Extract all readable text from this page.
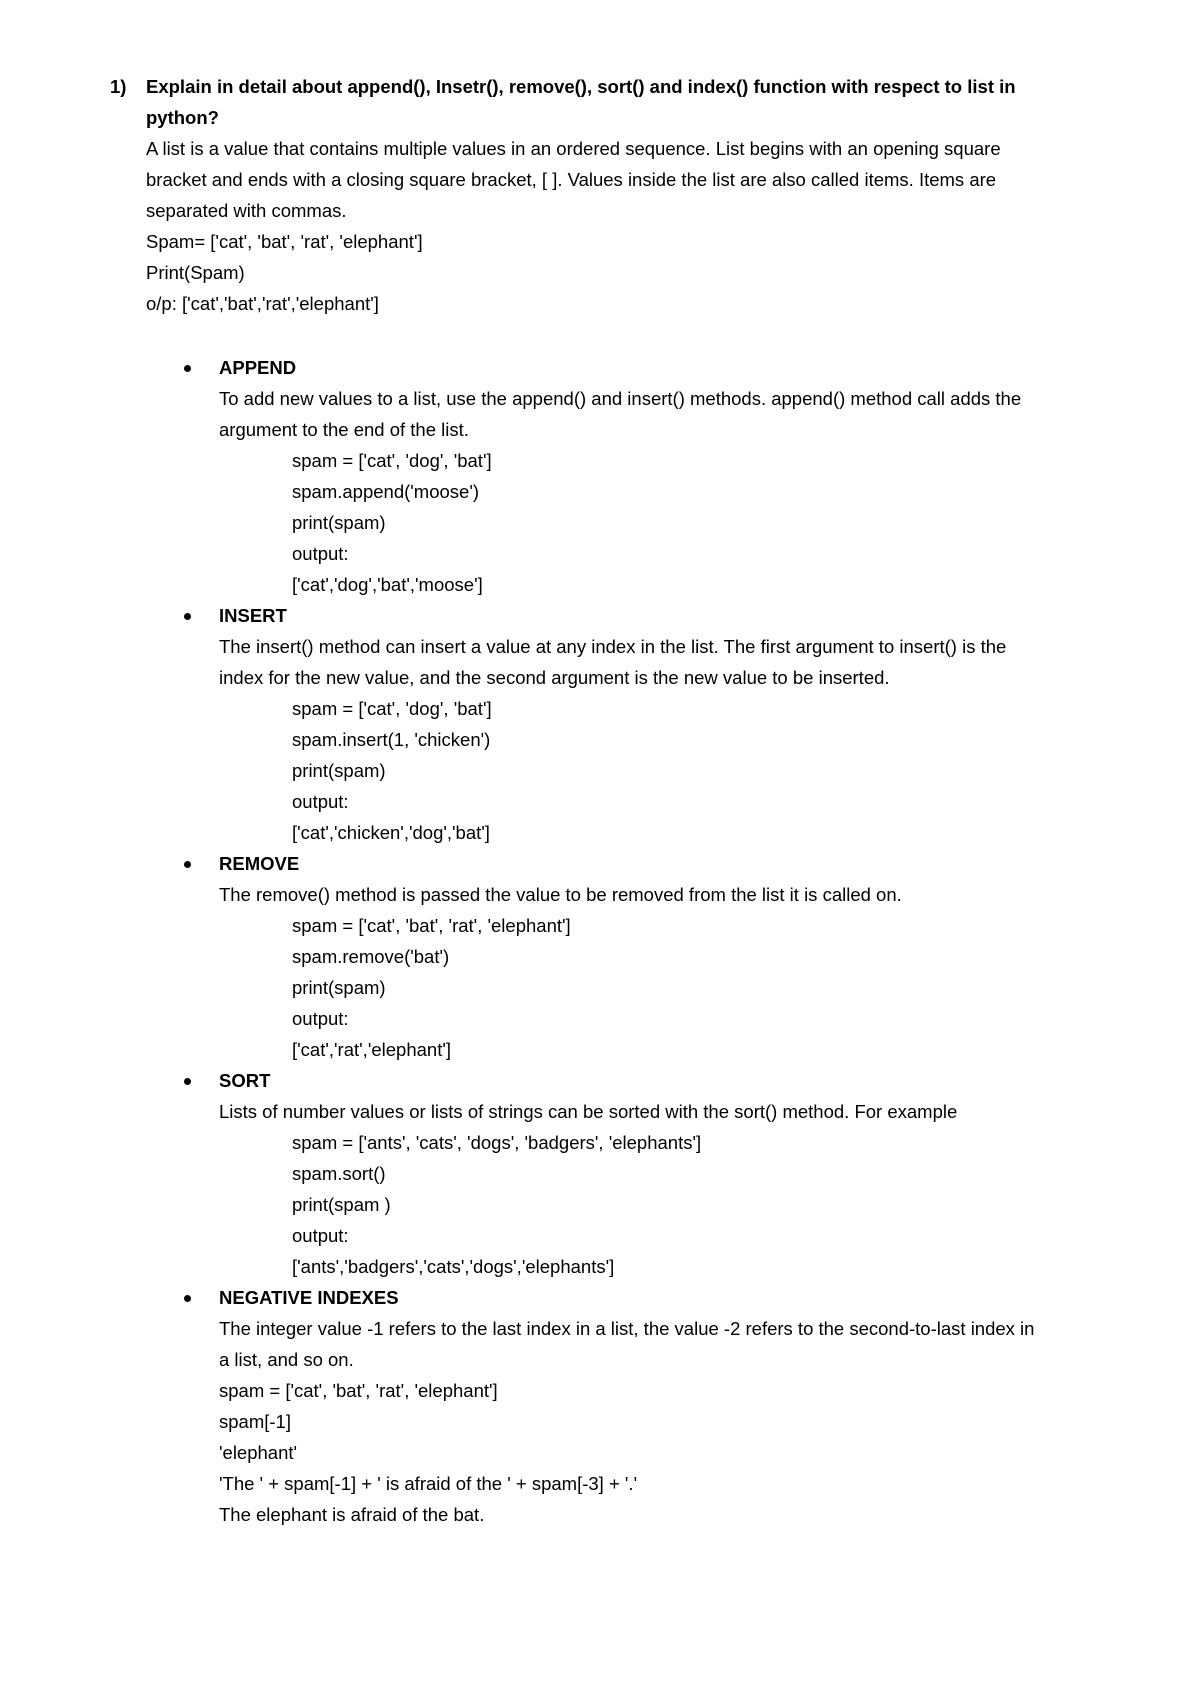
1) Explain in detail about append(), Insetr(), remove(), sort() and index() function with respect to list in
python?
A list is a value that contains multiple values in an ordered sequence. List begins with an opening square
bracket and ends with a closing square bracket, [ ]. Values inside the list are also called items. Items are
separated with commas.
Spam= ['cat', 'bat', 'rat', 'elephant']
Print(Spam)
o/p: ['cat','bat','rat','elephant']
APPEND
To add new values to a list, use the append() and insert() methods. append() method call adds the
argument to the end of the list.
spam = ['cat', 'dog', 'bat']
spam.append('moose')
print(spam)
output:
['cat','dog','bat','moose']
INSERT
The insert() method can insert a value at any index in the list. The first argument to insert() is the
index for the new value, and the second argument is the new value to be inserted.
spam = ['cat', 'dog', 'bat']
spam.insert(1, 'chicken')
print(spam)
output:
['cat','chicken','dog','bat']
REMOVE
The remove() method is passed the value to be removed from the list it is called on.
spam = ['cat', 'bat', 'rat', 'elephant']
spam.remove('bat')
print(spam)
output:
['cat','rat','elephant']
SORT
Lists of number values or lists of strings can be sorted with the sort() method. For example
spam = ['ants', 'cats', 'dogs', 'badgers', 'elephants']
spam.sort()
print(spam )
output:
['ants','badgers','cats','dogs','elephants']
NEGATIVE INDEXES
The integer value -1 refers to the last index in a list, the value -2 refers to the second-to-last index in
a list, and so on.
spam = ['cat', 'bat', 'rat', 'elephant']
spam[-1]
'elephant'
'The ' + spam[-1] + ' is afraid of the ' + spam[-3] + '.'
The elephant is afraid of the bat.
